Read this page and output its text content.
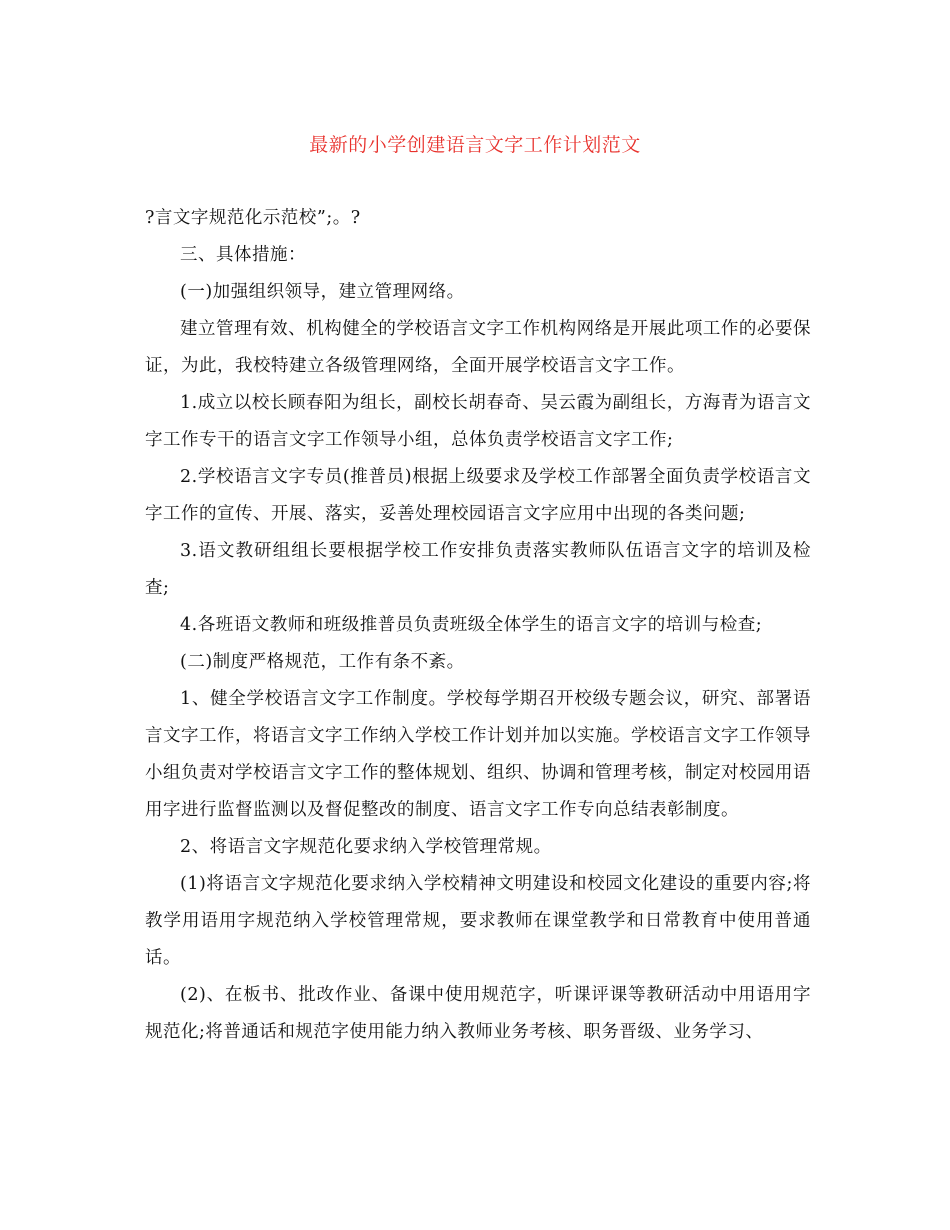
最新的小学创建语言文字工作计划范文

?言文字规范化示范校”;。?

三、具体措施：

(一)加强组织领导，建立管理网络。

建立管理有效、机构健全的学校语言文字工作机构网络是开展此项工作的必要保证，为此，我校特建立各级管理网络，全面开展学校语言文字工作。

1.成立以校长顾春阳为组长，副校长胡春奇、吴云霞为副组长，方海青为语言文字工作专干的语言文字工作领导小组，总体负责学校语言文字工作;

2.学校语言文字专员(推普员)根据上级要求及学校工作部署全面负责学校语言文字工作的宣传、开展、落实，妥善处理校园语言文字应用中出现的各类问题;

3.语文教研组组长要根据学校工作安排负责落实教师队伍语言文字的培训及检查;

4.各班语文教师和班级推普员负责班级全体学生的语言文字的培训与检查;

(二)制度严格规范，工作有条不紊。

1、健全学校语言文字工作制度。学校每学期召开校级专题会议，研究、部署语言文字工作，将语言文字工作纳入学校工作计划并加以实施。学校语言文字工作领导小组负责对学校语言文字工作的整体规划、组织、协调和管理考核，制定对校园用语用字进行监督监测以及督促整改的制度、语言文字工作专向总结表彰制度。

2、将语言文字规范化要求纳入学校管理常规。

(1)将语言文字规范化要求纳入学校精神文明建设和校园文化建设的重要内容;将教学用语用字规范纳入学校管理常规，要求教师在课堂教学和日常教育中使用普通话。

(2)、在板书、批改作业、备课中使用规范字，听课评课等教研活动中用语用字规范化;将普通话和规范字使用能力纳入教师业务考核、职务晋级、业务学习、
